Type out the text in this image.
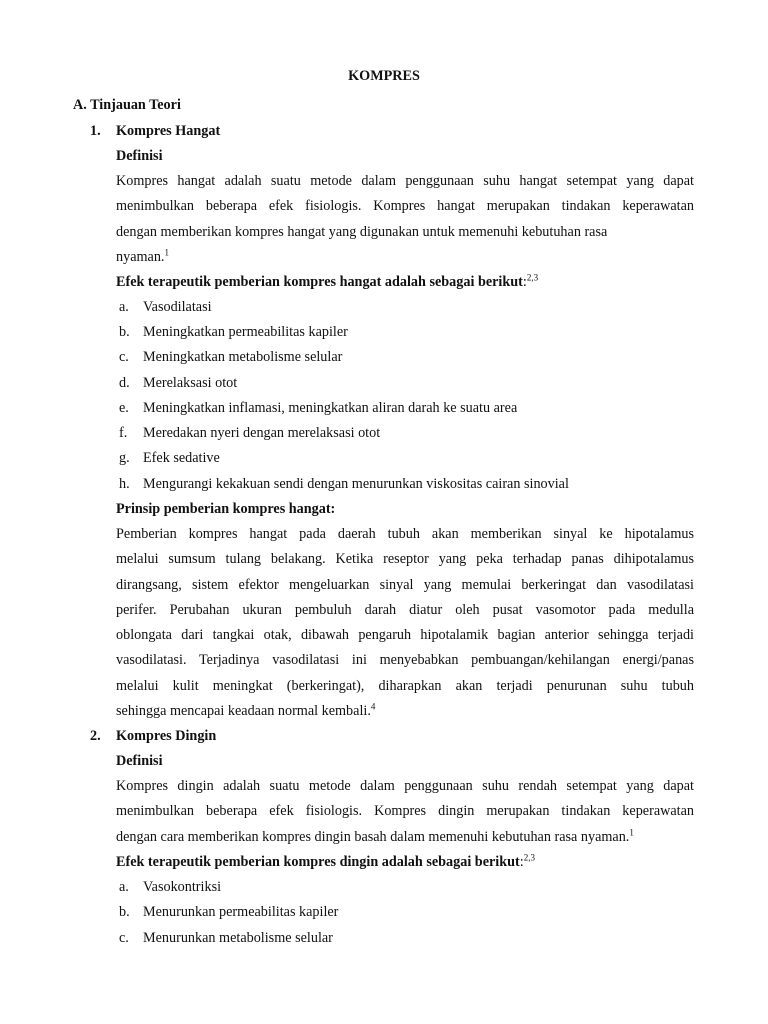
KOMPRES
A. Tinjauan Teori
1. Kompres Hangat
Definisi
Kompres hangat adalah suatu metode dalam penggunaan suhu hangat setempat yang dapat
menimbulkan beberapa efek fisiologis. Kompres hangat merupakan tindakan keperawatan
dengan memberikan kompres hangat yang digunakan untuk memenuhi kebutuhan rasa
nyaman.$^1$
Efek terapeutik pemberian kompres hangat adalah sebagai berikut:$^{2,3}$
a. Vasodilatasi
b. Meningkatkan permeabilitas kapiler
c. Meningkatkan metabolisme selular
d. Merelaksasi otot
e. Meningkatkan inflamasi, meningkatkan aliran darah ke suatu area
f. Meredakan nyeri dengan merelaksasi otot
g. Efek sedative
h. Mengurangi kekakuan sendi dengan menurunkan viskositas cairan sinovial
Prinsip pemberian kompres hangat:
Pemberian kompres hangat pada daerah tubuh akan memberikan sinyal ke hipotalamus
melalui sumsum tulang belakang. Ketika reseptor yang peka terhadap panas dihipotalamus
dirangsang, sistem efektor mengeluarkan sinyal yang memulai berkeringat dan vasodilatasi
perifer. Perubahan ukuran pembuluh darah diatur oleh pusat vasomotor pada medulla
oblongata dari tangkai otak, dibawah pengaruh hipotalamik bagian anterior sehingga terjadi
vasodilatasi. Terjadinya vasodilatasi ini menyebabkan pembuangan/kehilangan energi/panas
melalui kulit meningkat (berkeringat), diharapkan akan terjadi penurunan suhu tubuh
sehingga mencapai keadaan normal kembali.$^4$
2. Kompres Dingin
Definisi
Kompres dingin adalah suatu metode dalam penggunaan suhu rendah setempat yang dapat
menimbulkan beberapa efek fisiologis. Kompres dingin merupakan tindakan keperawatan
dengan cara memberikan kompres dingin basah dalam memenuhi kebutuhan rasa nyaman.$^1$
Efek terapeutik pemberian kompres dingin adalah sebagai berikut:$^{2,3}$
a. Vasokontriksi
b. Menurunkan permeabilitas kapiler
c. Menurunkan metabolisme selular
